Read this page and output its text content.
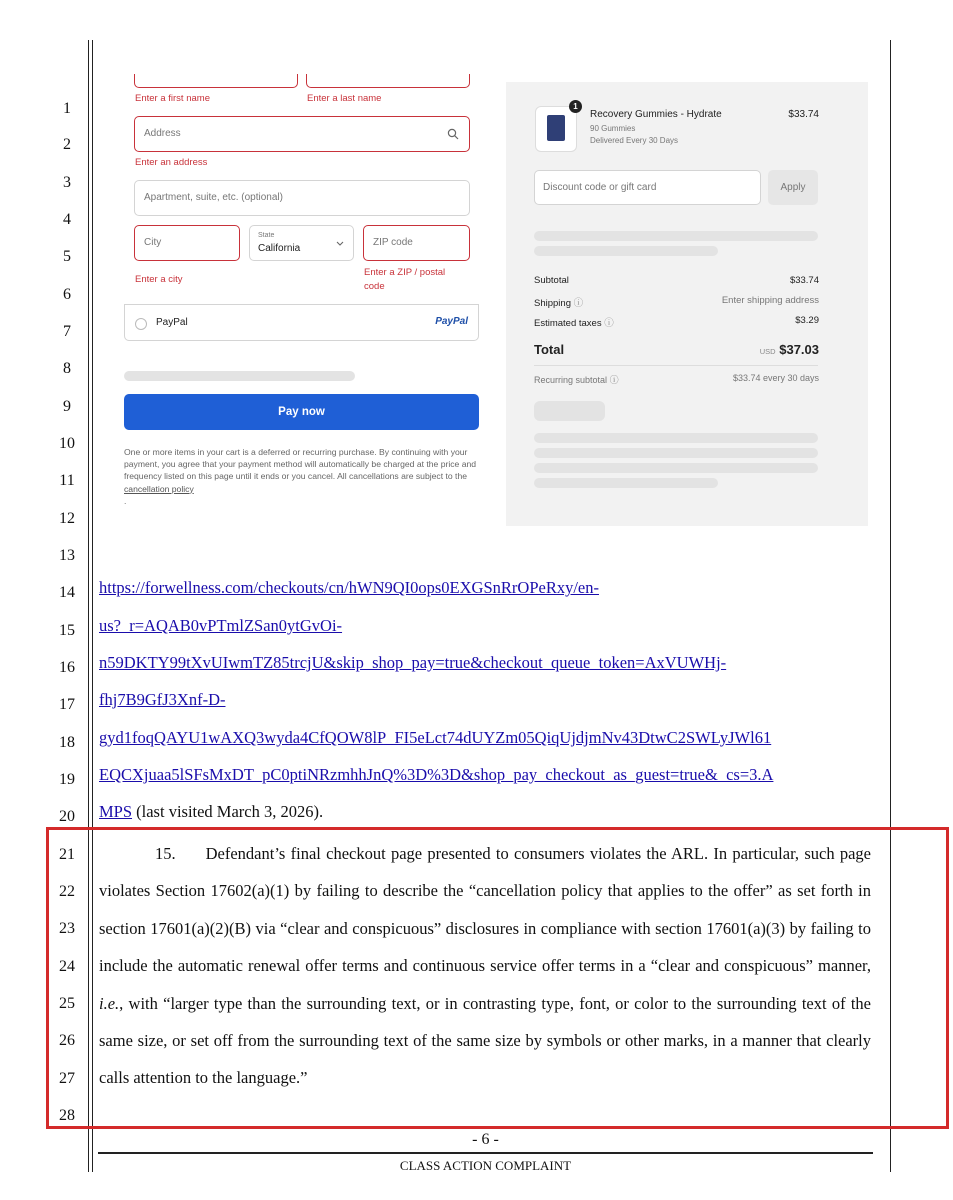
1
2
3
4
5
6
7
8
9
10
11
12
13
14
15
16
17
18
19
20
21
22
23
24
25
26
27
28
Enter a first name	Enter a last name
Address
Enter an address
Apartment, suite, etc. (optional)
City
State
California
ZIP code
Enter a city
Enter a ZIP / postal code
PayPal	PayPal
Pay now
One or more items in your cart is a deferred or recurring purchase. By continuing with your payment, you agree that your payment method will automatically be charged at the price and frequency listed on this page until it ends or you cancel. All cancellations are subject to the cancellation policy
.
1
Recovery Gummies - Hydrate	$33.74
90 Gummies
Delivered Every 30 Days
Discount code or gift card	Apply
Subtotal	$33.74
Shipping ⓘ	Enter shipping address
Estimated taxes ⓘ	$3.29
Total	USD $37.03
Recurring subtotal ⓘ	$33.74 every 30 days
https://forwellness.com/checkouts/cn/hWN9QI0ops0EXGSnRrOPeRxy/en-
us?_r=AQAB0vPTmlZSan0ytGvOi-
n59DKTY99tXvUIwmTZ85trcjU&skip_shop_pay=true&checkout_queue_token=AxVUWHj-
fhj7B9GfJ3Xnf-D-
gyd1foqQAYU1wAXQ3wyda4CfQOW8lP_FI5eLct74dUYZm05QiqUjdjmNv43DtwC2SWLyJWl61
EQCXjuaa5lSFsMxDT_pC0ptiNRzmhhJnQ%3D%3D&shop_pay_checkout_as_guest=true&_cs=3.A
MPS (last visited March 3, 2026).
15. Defendant’s final checkout page presented to consumers violates the ARL. In particular, such page violates Section 17602(a)(1) by failing to describe the “cancellation policy that applies to the offer” as set forth in section 17601(a)(2)(B) via “clear and conspicuous” disclosures in compliance with section 17601(a)(3) by failing to include the automatic renewal offer terms and continuous service offer terms in a “clear and conspicuous” manner, i.e., with “larger type than the surrounding text, or in contrasting type, font, or color to the surrounding text of the same size, or set off from the surrounding text of the same size by symbols or other marks, in a manner that clearly calls attention to the language.”
- 6 -
CLASS ACTION COMPLAINT
